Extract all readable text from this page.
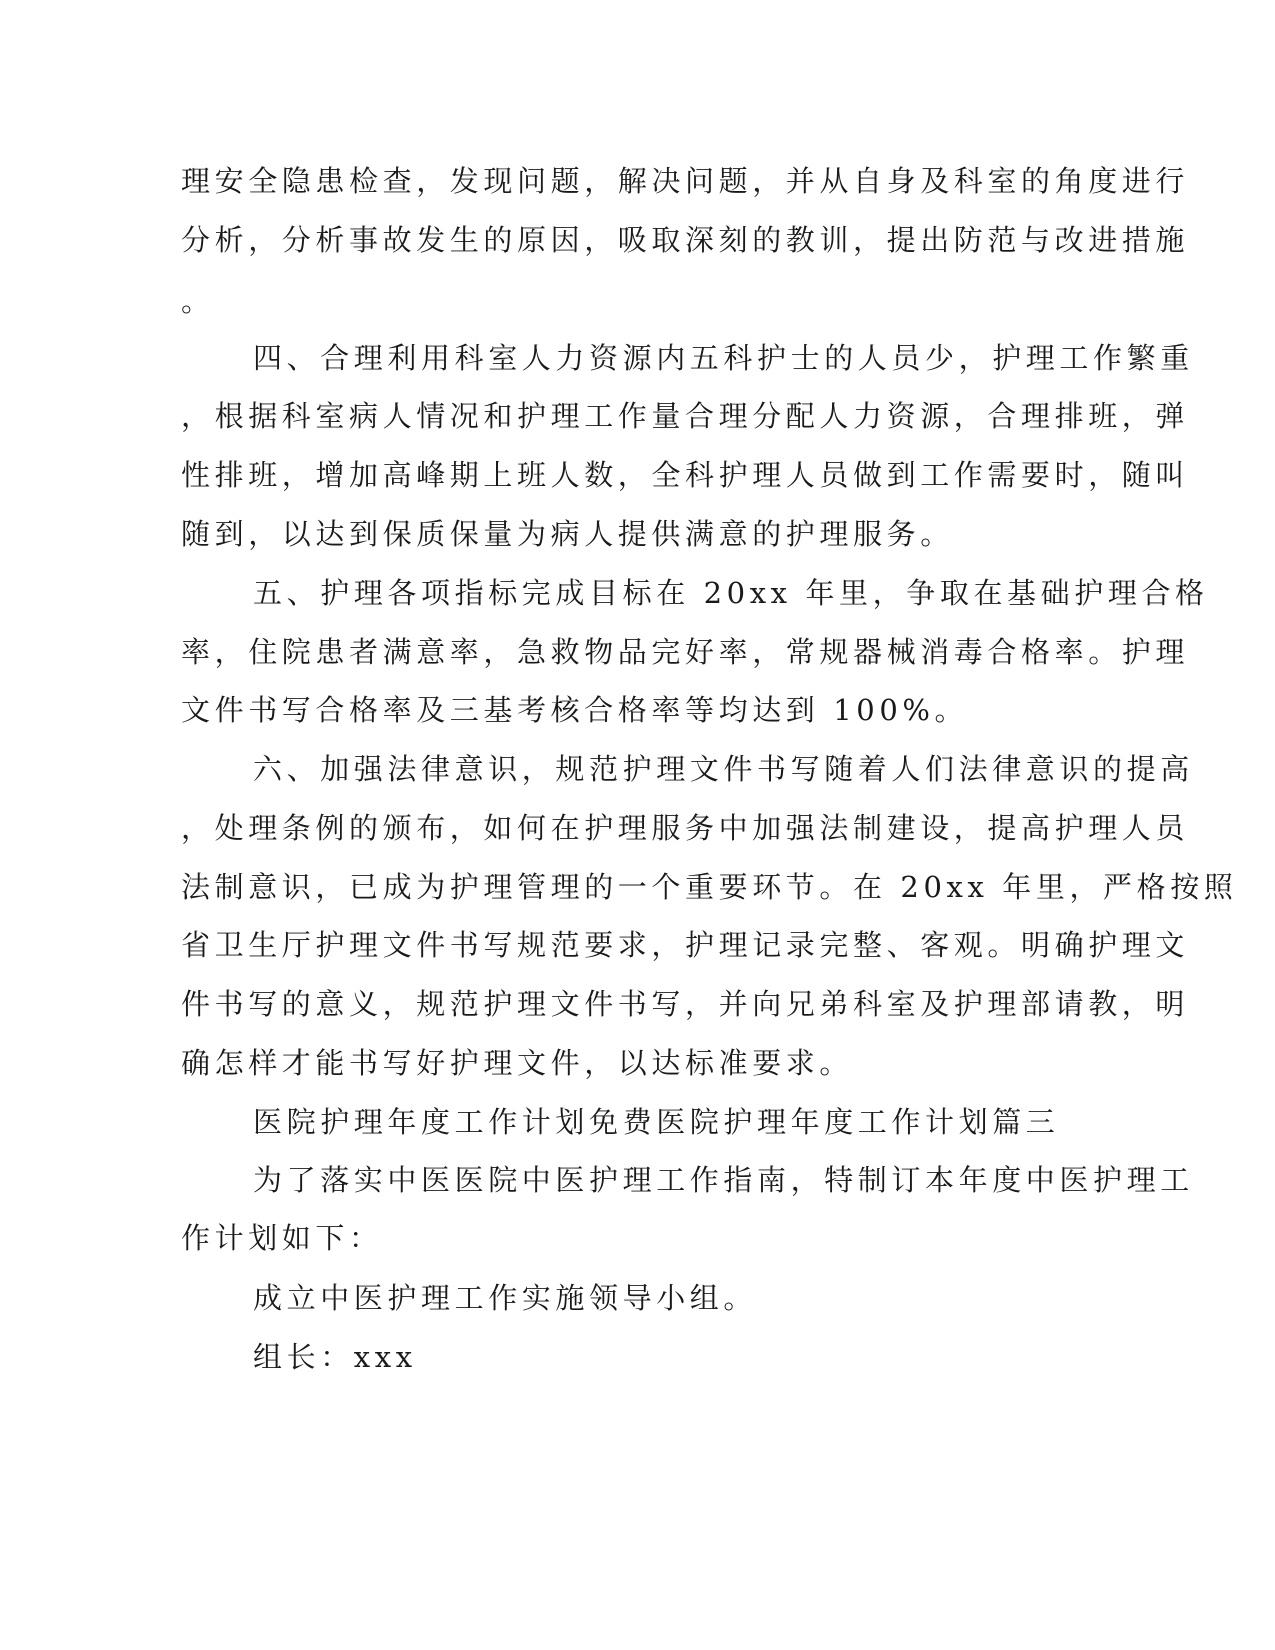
理安全隐患检查，发现问题，解决问题，并从自身及科室的角度进行
分析，分析事故发生的原因，吸取深刻的教训，提出防范与改进措施
。
四、合理利用科室人力资源内五科护士的人员少，护理工作繁重
，根据科室病人情况和护理工作量合理分配人力资源，合理排班，弹
性排班，增加高峰期上班人数，全科护理人员做到工作需要时，随叫
随到，以达到保质保量为病人提供满意的护理服务。
五、护理各项指标完成目标在 20xx 年里，争取在基础护理合格
率，住院患者满意率，急救物品完好率，常规器械消毒合格率。护理
文件书写合格率及三基考核合格率等均达到 100%。
六、加强法律意识，规范护理文件书写随着人们法律意识的提高
，处理条例的颁布，如何在护理服务中加强法制建设，提高护理人员
法制意识，已成为护理管理的一个重要环节。在 20xx 年里，严格按照
省卫生厅护理文件书写规范要求，护理记录完整、客观。明确护理文
件书写的意义，规范护理文件书写，并向兄弟科室及护理部请教，明
确怎样才能书写好护理文件，以达标准要求。
医院护理年度工作计划免费医院护理年度工作计划篇三
为了落实中医医院中医护理工作指南，特制订本年度中医护理工
作计划如下：
成立中医护理工作实施领导小组。
组长：xxx
